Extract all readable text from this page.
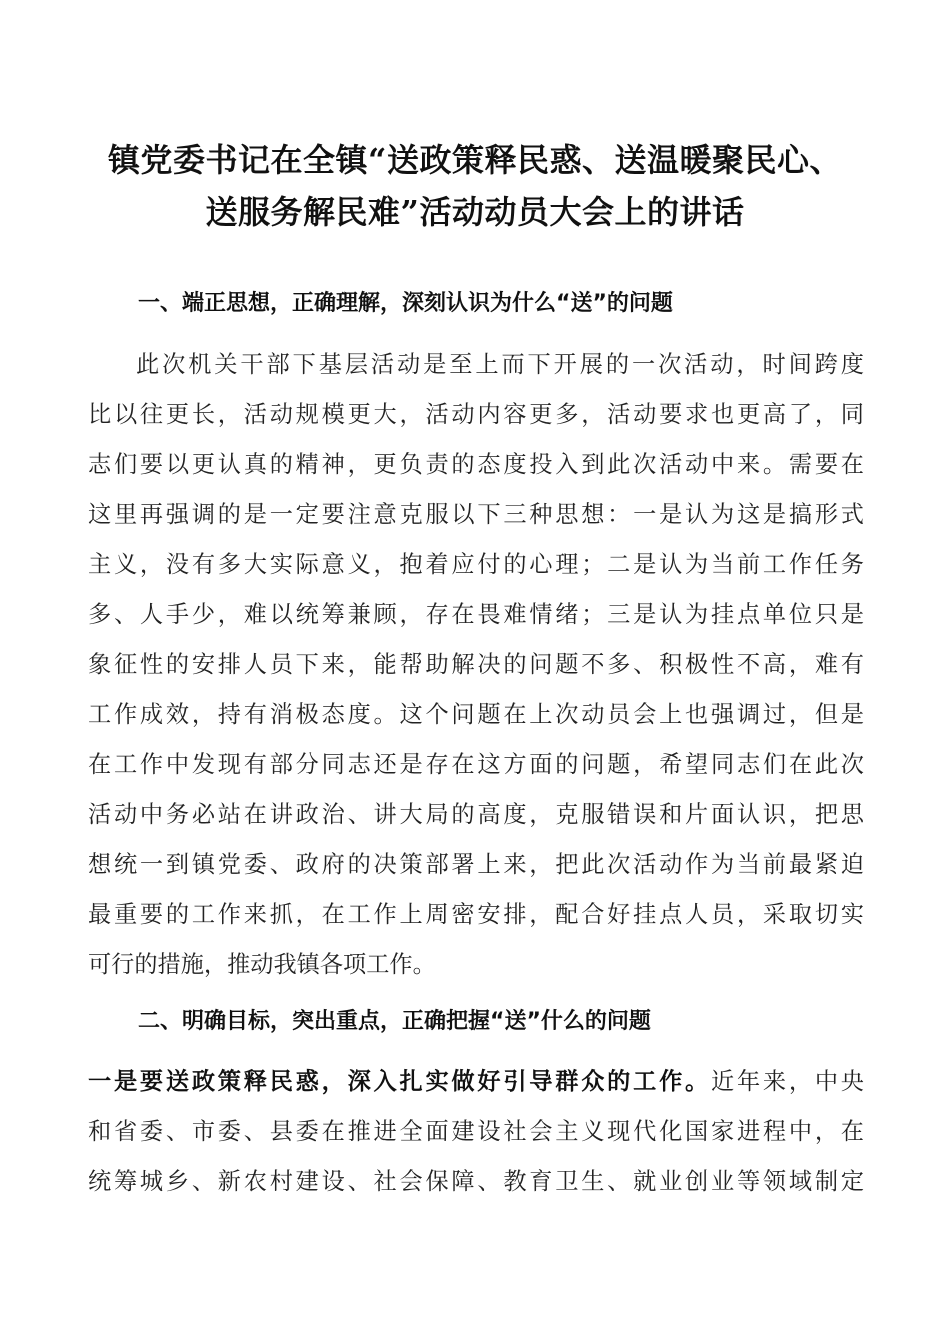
镇党委书记在全镇“送政策释民惑、送温暖聚民心、
送服务解民难”活动动员大会上的讲话
一、端正思想，正确理解，深刻认识为什么“送”的问题
此次机关干部下基层活动是至上而下开展的一次活动，时间跨度
比以往更长，活动规模更大，活动内容更多，活动要求也更高了，同
志们要以更认真的精神，更负责的态度投入到此次活动中来。需要在
这里再强调的是一定要注意克服以下三种思想：一是认为这是搞形式
主义，没有多大实际意义，抱着应付的心理；二是认为当前工作任务
多、人手少，难以统筹兼顾，存在畏难情绪；三是认为挂点单位只是
象征性的安排人员下来，能帮助解决的问题不多、积极性不高，难有
工作成效，持有消极态度。这个问题在上次动员会上也强调过，但是
在工作中发现有部分同志还是存在这方面的问题，希望同志们在此次
活动中务必站在讲政治、讲大局的高度，克服错误和片面认识，把思
想统一到镇党委、政府的决策部署上来，把此次活动作为当前最紧迫
最重要的工作来抓，在工作上周密安排，配合好挂点人员，采取切实
可行的措施，推动我镇各项工作。
二、明确目标，突出重点，正确把握“送”什么的问题
一是要送政策释民惑，深入扎实做好引导群众的工作。近年来，中央
和省委、市委、县委在推进全面建设社会主义现代化国家进程中，在
统筹城乡、新农村建设、社会保障、教育卫生、就业创业等领域制定
